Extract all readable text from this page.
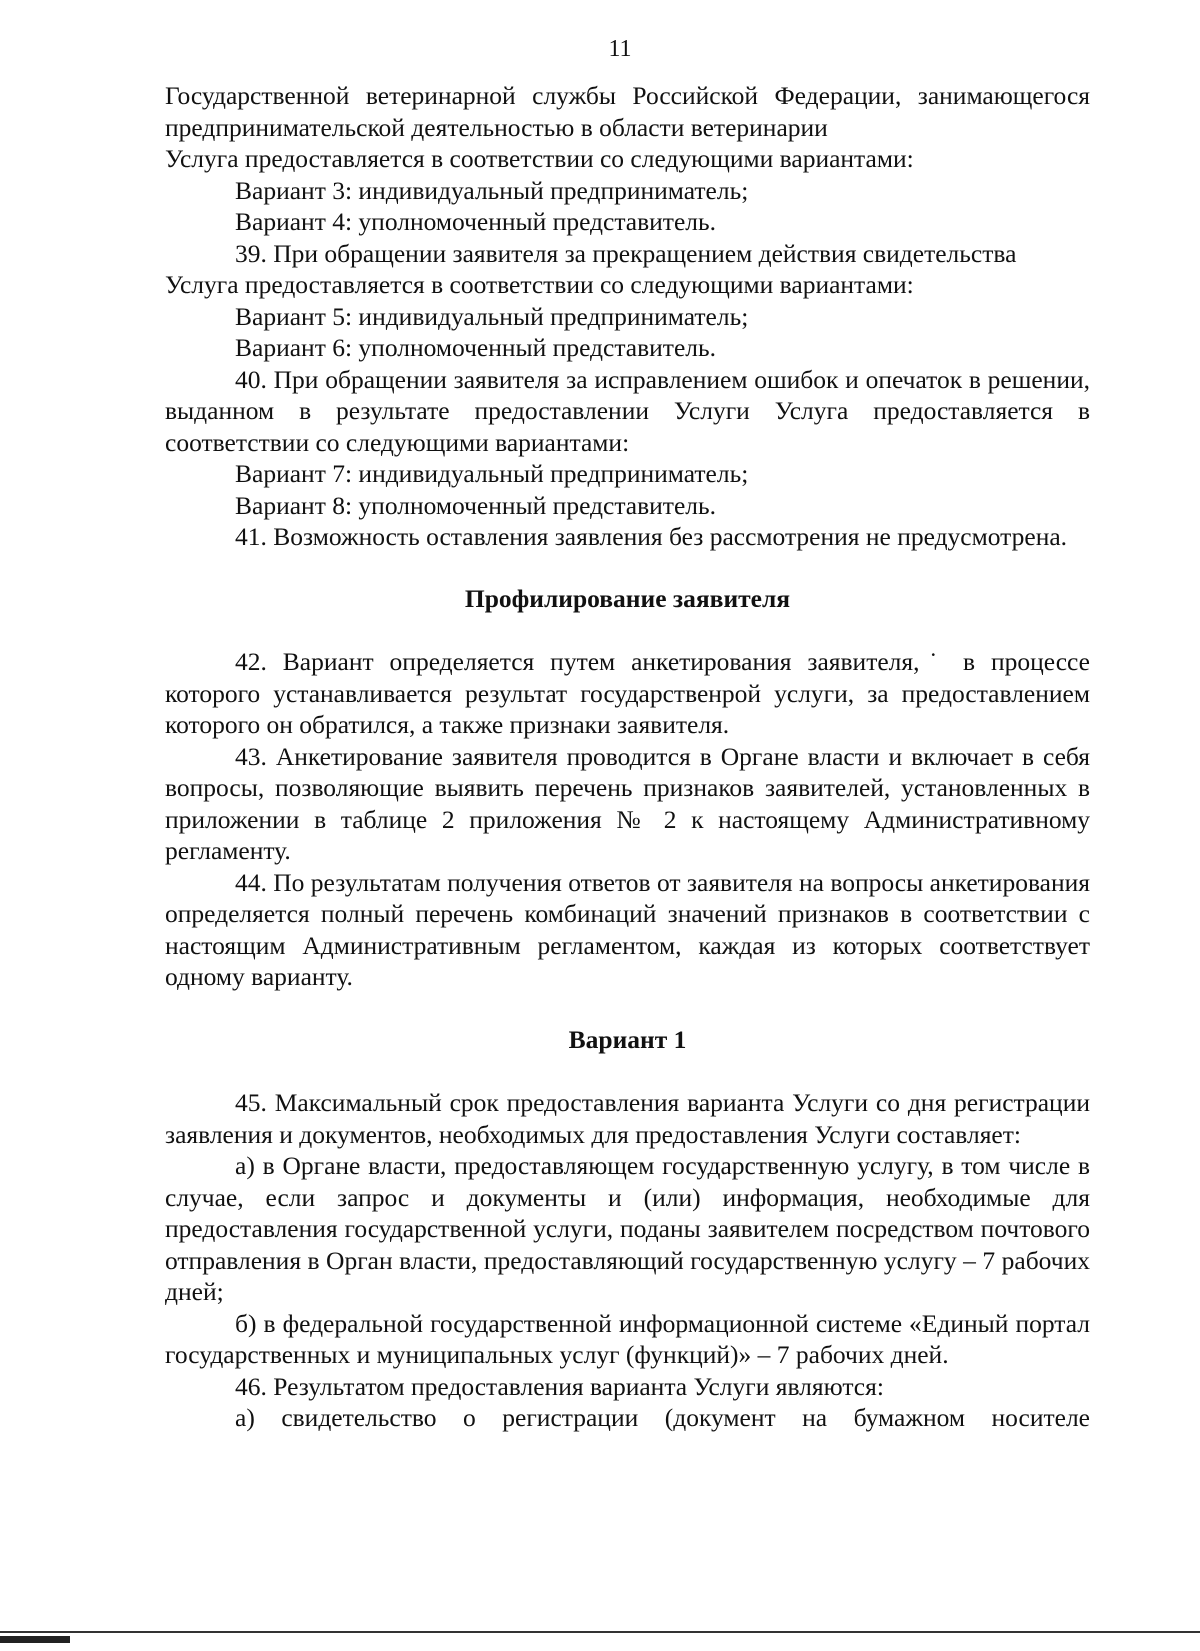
11

Государственной ветеринарной службы Российской Федерации, занимающегося предпринимательской деятельностью в области ветеринарии

Услуга предоставляется в соответствии со следующими вариантами:

Вариант 3: индивидуальный предприниматель;

Вариант 4: уполномоченный представитель.

39. При обращении заявителя за прекращением действия свидетельства

Услуга предоставляется в соответствии со следующими вариантами:

Вариант 5: индивидуальный предприниматель;

Вариант 6: уполномоченный представитель.

40. При обращении заявителя за исправлением ошибок и опечаток в решении, выданном в результате предоставлении Услуги Услуга предоставляется в соответствии со следующими вариантами:

Вариант 7: индивидуальный предприниматель;

Вариант 8: уполномоченный представитель.

41. Возможность оставления заявления без рассмотрения не предусмотрена.

Профилирование заявителя

42. Вариант определяется путем анкетирования заявителя,˙ в процессе которого устанавливается результат государственрой услуги, за предоставлением которого он обратился, а также признаки заявителя.

43. Анкетирование заявителя проводится в Органе власти и включает в себя вопросы, позволяющие выявить перечень признаков заявителей, установленных в приложении в таблице 2 приложения № 2 к настоящему Административному регламенту.

44. По результатам получения ответов от заявителя на вопросы анкетирования определяется полный перечень комбинаций значений признаков в соответствии с настоящим Административным регламентом, каждая из которых соответствует одному варианту.

Вариант 1

45. Максимальный срок предоставления варианта Услуги со дня регистрации заявления и документов, необходимых для предоставления Услуги составляет:

а) в Органе власти, предоставляющем государственную услугу, в том числе в случае, если запрос и документы и (или) информация, необходимые для предоставления государственной услуги, поданы заявителем посредством почтового отправления в Орган власти, предоставляющий государственную услугу – 7 рабочих дней;

б) в федеральной государственной информационной системе «Единый портал государственных и муниципальных услуг (функций)» – 7 рабочих дней.

46. Результатом предоставления варианта Услуги являются:

а) свидетельство о регистрации (документ на бумажном носителе
